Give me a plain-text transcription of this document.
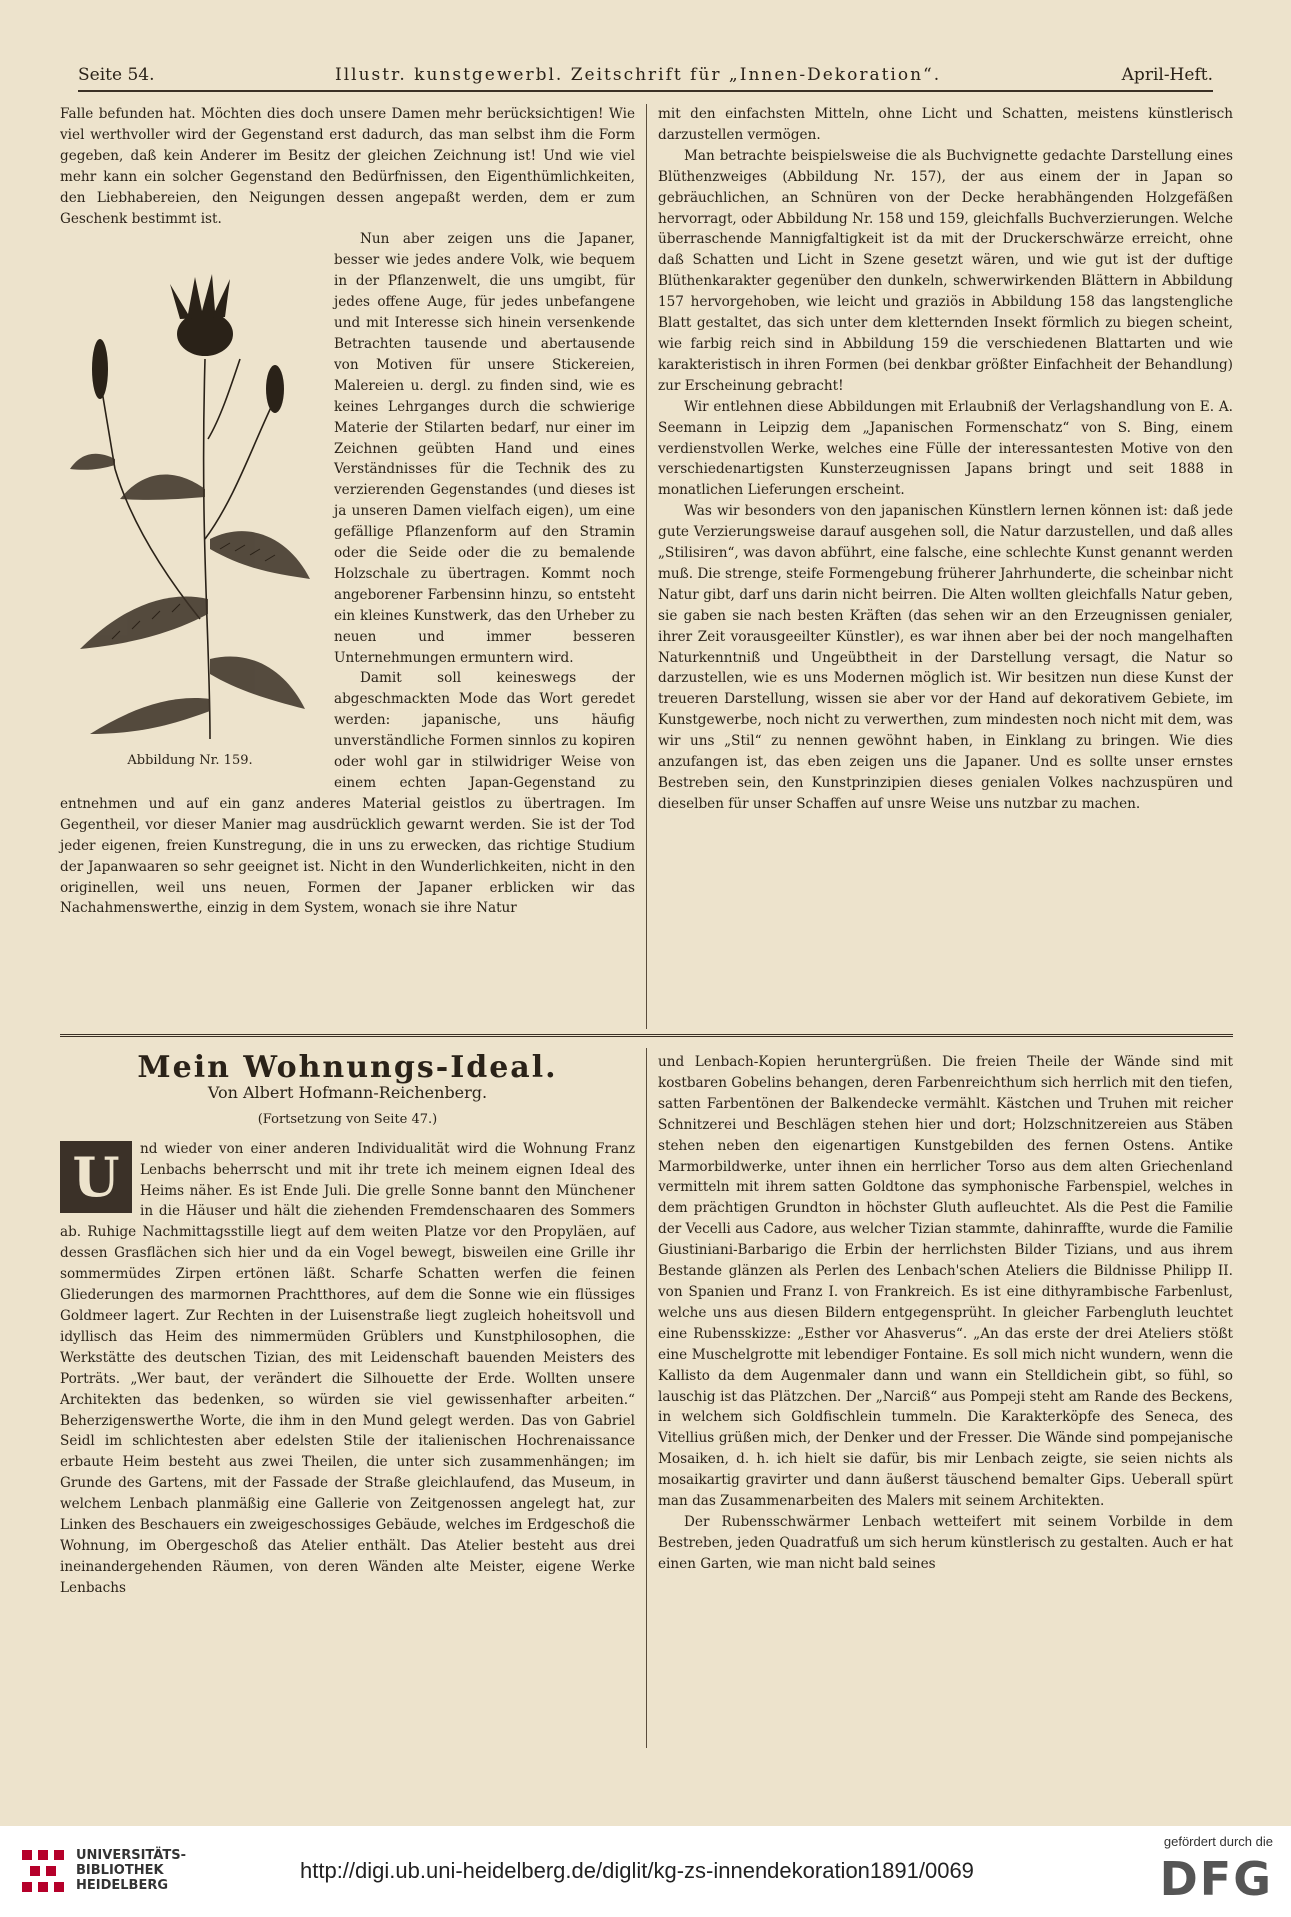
Seite 54.	Illustr. kunstgewerbl. Zeitschrift für „Innen-Dekoration“.	April-Heft.

Falle befunden hat. Möchten dies doch unsere Damen mehr berücksichtigen! Wie viel werthvoller wird der Gegenstand erst dadurch, das man selbst ihm die Form gegeben, daß kein Anderer im Besitz der gleichen Zeichnung ist! Und wie viel mehr kann ein solcher Gegenstand den Bedürfnissen, den Eigenthümlichkeiten, den Liebhabereien, den Neigungen dessen angepaßt werden, dem er zum Geschenk bestimmt ist.

Abbildung Nr. 159.

Nun aber zeigen uns die Japaner, besser wie jedes andere Volk, wie bequem in der Pflanzenwelt, die uns umgibt, für jedes offene Auge, für jedes unbefangene und mit Interesse sich hinein versenkende Betrachten tausende und abertausende von Motiven für unsere Stickereien, Malereien u. dergl. zu finden sind, wie es keines Lehrganges durch die schwierige Materie der Stilarten bedarf, nur einer im Zeichnen geübten Hand und eines Verständnisses für die Technik des zu verzierenden Gegenstandes (und dieses ist ja unseren Damen vielfach eigen), um eine gefällige Pflanzenform auf den Stramin oder die Seide oder die zu bemalende Holzschale zu übertragen. Kommt noch angeborener Farbensinn hinzu, so entsteht ein kleines Kunstwerk, das den Urheber zu neuen und immer besseren Unternehmungen ermuntern wird.

Damit soll keineswegs der abgeschmackten Mode das Wort geredet werden: japanische, uns häufig unverständliche Formen sinnlos zu kopiren oder wohl gar in stilwidriger Weise von einem echten Japan-Gegenstand zu entnehmen und auf ein ganz anderes Material geistlos zu übertragen. Im Gegentheil, vor dieser Manier mag ausdrücklich gewarnt werden. Sie ist der Tod jeder eigenen, freien Kunstregung, die in uns zu erwecken, das richtige Studium der Japanwaaren so sehr geeignet ist. Nicht in den Wunderlichkeiten, nicht in den originellen, weil uns neuen, Formen der Japaner erblicken wir das Nachahmenswerthe, einzig in dem System, wonach sie ihre Natur

mit den einfachsten Mitteln, ohne Licht und Schatten, meistens künstlerisch darzustellen vermögen.

Man betrachte beispielsweise die als Buchvignette gedachte Darstellung eines Blüthenzweiges (Abbildung Nr. 157), der aus einem der in Japan so gebräuchlichen, an Schnüren von der Decke herabhängenden Holzgefäßen hervorragt, oder Abbildung Nr. 158 und 159, gleichfalls Buchverzierungen. Welche überraschende Mannigfaltigkeit ist da mit der Druckerschwärze erreicht, ohne daß Schatten und Licht in Szene gesetzt wären, und wie gut ist der duftige Blüthenkarakter gegenüber den dunkeln, schwerwirkenden Blättern in Abbildung 157 hervorgehoben, wie leicht und graziös in Abbildung 158 das langstengliche Blatt gestaltet, das sich unter dem kletternden Insekt förmlich zu biegen scheint, wie farbig reich sind in Abbildung 159 die verschiedenen Blattarten und wie karakteristisch in ihren Formen (bei denkbar größter Einfachheit der Behandlung) zur Erscheinung gebracht!

Wir entlehnen diese Abbildungen mit Erlaubniß der Verlagshandlung von E. A. Seemann in Leipzig dem „Japanischen Formenschatz“ von S. Bing, einem verdienstvollen Werke, welches eine Fülle der interessantesten Motive von den verschiedenartigsten Kunsterzeugnissen Japans bringt und seit 1888 in monatlichen Lieferungen erscheint.

Was wir besonders von den japanischen Künstlern lernen können ist: daß jede gute Verzierungsweise darauf ausgehen soll, die Natur darzustellen, und daß alles „Stilisiren“, was davon abführt, eine falsche, eine schlechte Kunst genannt werden muß. Die strenge, steife Formengebung früherer Jahrhunderte, die scheinbar nicht Natur gibt, darf uns darin nicht beirren. Die Alten wollten gleichfalls Natur geben, sie gaben sie nach besten Kräften (das sehen wir an den Erzeugnissen genialer, ihrer Zeit vorausgeeilter Künstler), es war ihnen aber bei der noch mangelhaften Naturkenntniß und Ungeübtheit in der Darstellung versagt, die Natur so darzustellen, wie es uns Modernen möglich ist. Wir besitzen nun diese Kunst der treueren Darstellung, wissen sie aber vor der Hand auf dekorativem Gebiete, im Kunstgewerbe, noch nicht zu verwerthen, zum mindesten noch nicht mit dem, was wir uns „Stil“ zu nennen gewöhnt haben, in Einklang zu bringen. Wie dies anzufangen ist, das eben zeigen uns die Japaner. Und es sollte unser ernstes Bestreben sein, den Kunstprinzipien dieses genialen Volkes nachzuspüren und dieselben für unser Schaffen auf unsre Weise uns nutzbar zu machen.

Mein Wohnungs-Ideal.
Von Albert Hofmann-Reichenberg.
(Fortsetzung von Seite 47.)
U	nd wieder von einer anderen Individualität wird die Wohnung Franz Lenbachs beherrscht und mit ihr trete ich meinem eignen Ideal des Heims näher. Es ist Ende Juli. Die grelle Sonne bannt den Münchener in die Häuser und hält die ziehenden Fremdenschaaren des Sommers ab. Ruhige Nachmittagsstille liegt auf dem weiten Platze vor den Propyläen, auf dessen Grasflächen sich hier und da ein Vogel bewegt, bisweilen eine Grille ihr sommermüdes Zirpen ertönen läßt. Scharfe Schatten werfen die feinen Gliederungen des marmornen Prachtthores, auf dem die Sonne wie ein flüssiges Goldmeer lagert. Zur Rechten in der Luisenstraße liegt zugleich hoheitsvoll und idyllisch das Heim des nimmermüden Grüblers und Kunstphilosophen, die Werkstätte des deutschen Tizian, des mit Leidenschaft bauenden Meisters des Porträts. „Wer baut, der verändert die Silhouette der Erde. Wollten unsere Architekten das bedenken, so würden sie viel gewissenhafter arbeiten.“ Beherzigenswerthe Worte, die ihm in den Mund gelegt werden. Das von Gabriel Seidl im schlichtesten aber edelsten Stile der italienischen Hochrenaissance erbaute Heim besteht aus zwei Theilen, die unter sich zusammenhängen; im Grunde des Gartens, mit der Fassade der Straße gleichlaufend, das Museum, in welchem Lenbach planmäßig eine Gallerie von Zeitgenossen angelegt hat, zur Linken des Beschauers ein zweigeschossiges Gebäude, welches im Erdgeschoß die Wohnung, im Obergeschoß das Atelier enthält. Das Atelier besteht aus drei ineinandergehenden Räumen, von deren Wänden alte Meister, eigene Werke Lenbachs

und Lenbach-Kopien heruntergrüßen. Die freien Theile der Wände sind mit kostbaren Gobelins behangen, deren Farbenreichthum sich herrlich mit den tiefen, satten Farbentönen der Balkendecke vermählt. Kästchen und Truhen mit reicher Schnitzerei und Beschlägen stehen hier und dort; Holzschnitzereien aus Stäben stehen neben den eigenartigen Kunstgebilden des fernen Ostens. Antike Marmorbildwerke, unter ihnen ein herrlicher Torso aus dem alten Griechenland vermitteln mit ihrem satten Goldtone das symphonische Farbenspiel, welches in dem prächtigen Grundton in höchster Gluth aufleuchtet. Als die Pest die Familie der Vecelli aus Cadore, aus welcher Tizian stammte, dahinraffte, wurde die Familie Giustiniani-Barbarigo die Erbin der herrlichsten Bilder Tizians, und aus ihrem Bestande glänzen als Perlen des Lenbach'schen Ateliers die Bildnisse Philipp II. von Spanien und Franz I. von Frankreich. Es ist eine dithyrambische Farbenlust, welche uns aus diesen Bildern entgegensprüht. In gleicher Farbengluth leuchtet eine Rubensskizze: „Esther vor Ahasverus“. „An das erste der drei Ateliers stößt eine Muschelgrotte mit lebendiger Fontaine. Es soll mich nicht wundern, wenn die Kallisto da dem Augenmaler dann und wann ein Stelldichein gibt, so fühl, so lauschig ist das Plätzchen. Der „Narciß“ aus Pompeji steht am Rande des Beckens, in welchem sich Goldfischlein tummeln. Die Karakterköpfe des Seneca, des Vitellius grüßen mich, der Denker und der Fresser. Die Wände sind pompejanische Mosaiken, d. h. ich hielt sie dafür, bis mir Lenbach zeigte, sie seien nichts als mosaikartig gravirter und dann äußerst täuschend bemalter Gips. Ueberall spürt man das Zusammenarbeiten des Malers mit seinem Architekten.

Der Rubensschwärmer Lenbach wetteifert mit seinem Vorbilde in dem Bestreben, jeden Quadratfuß um sich herum künstlerisch zu gestalten. Auch er hat einen Garten, wie man nicht bald seines

UNIVERSITÄTS-
BIBLIOTHEK
HEIDELBERG
http://digi.ub.uni-heidelberg.de/diglit/kg-zs-innendekoration1891/0069
gefördert durch die
DFG
